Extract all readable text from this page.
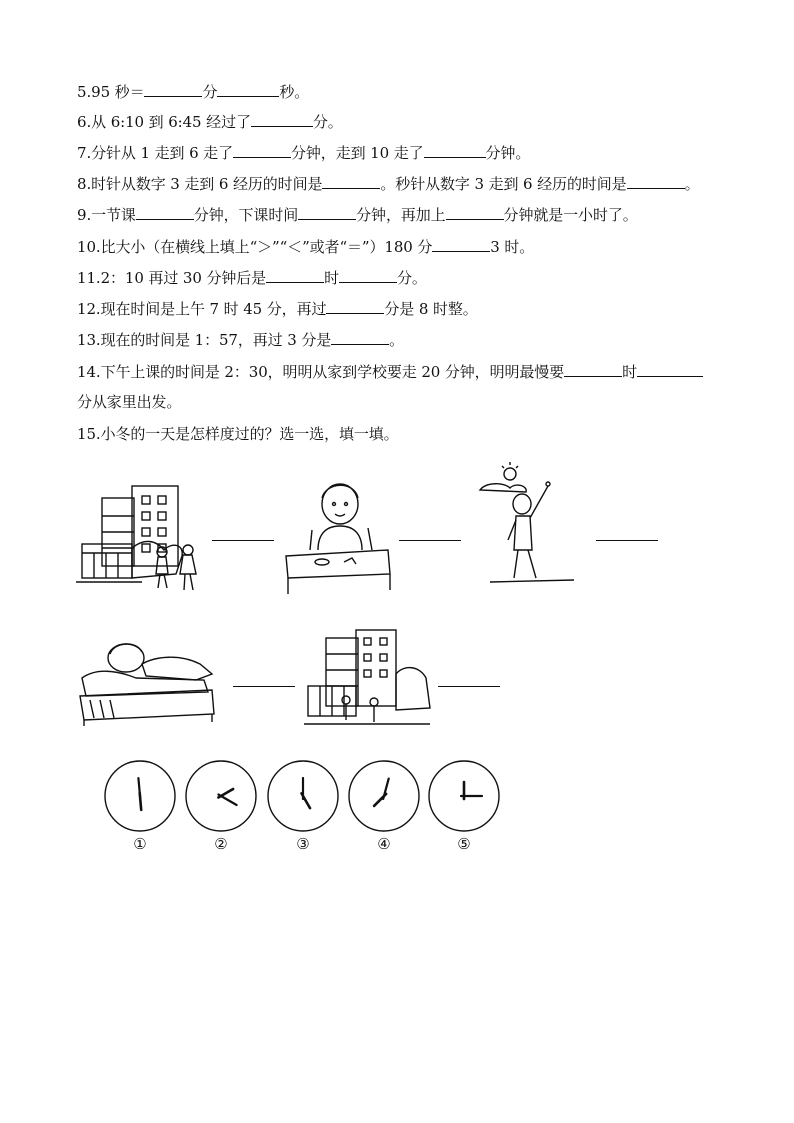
5.95 秒＝	分	秒。
6.从 6:10 到 6:45 经过了	分。
7.分针从 1 走到 6 走了	分钟，走到 10 走了	分钟。
8.时针从数字 3 走到 6 经历的时间是	。秒针从数字 3 走到 6 经历的时间是	。
9.一节课	分钟，下课时间	分钟，再加上	分钟就是一小时了。
10.比大小（在横线上填上“＞”“＜”或者“＝”）180 分	3 时。
11.2：10 再过 30 分钟后是	时	分。
12.现在时间是上午 7 时 45 分，再过	分是 8 时整。
13.现在的时间是 1：57，再过 3 分是	。
14.下午上课的时间是 2：30，明明从家到学校要走 20 分钟，明明最慢要	时
分从家里出发。
15.小冬的一天是怎样度过的？选一选，填一填。
①	②	③	④	⑤
